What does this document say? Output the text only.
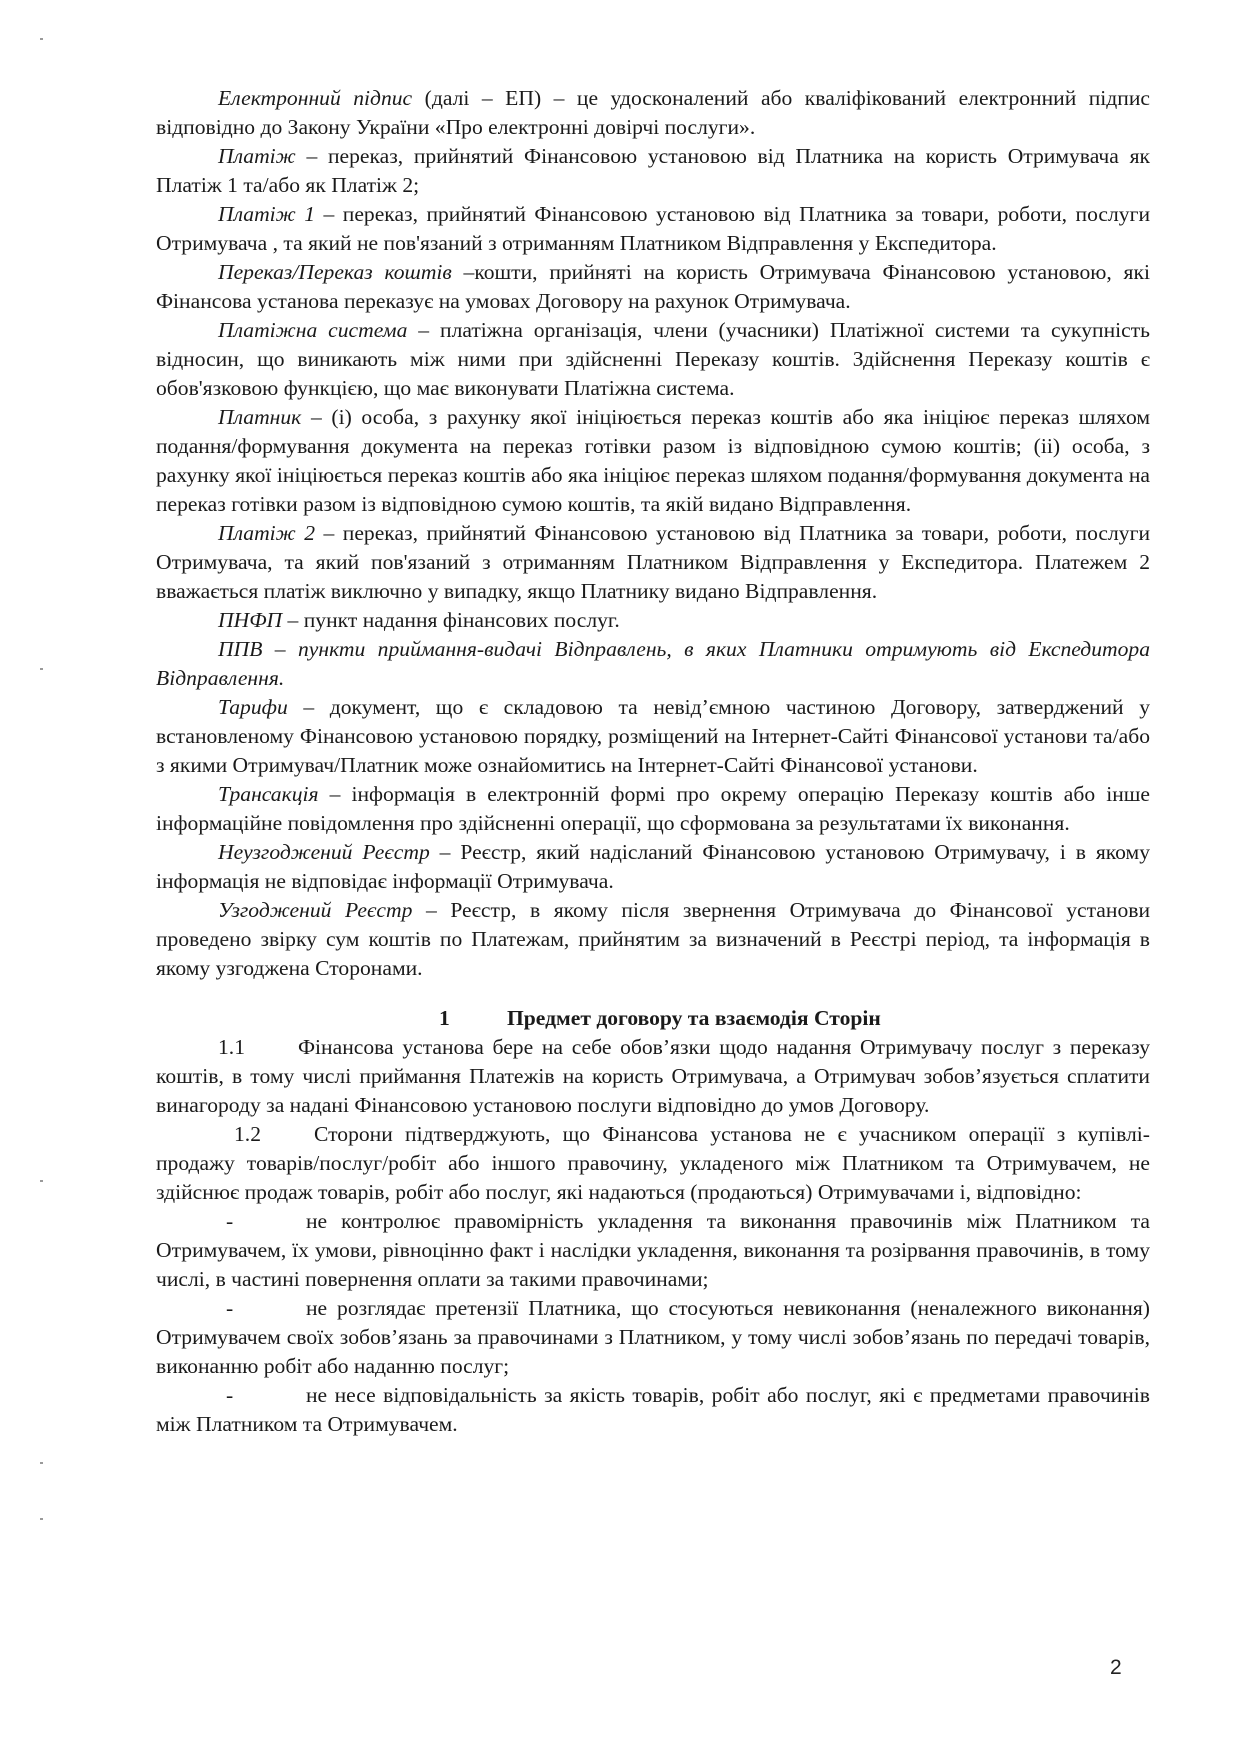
Електронний підпис (далі – ЕП) – це удосконалений або кваліфікований електронний підпис відповідно до Закону України «Про електронні довірчі послуги».

Платіж – переказ, прийнятий Фінансовою установою від Платника на користь Отримувача як Платіж 1 та/або як Платіж 2;

Платіж 1 – переказ, прийнятий Фінансовою установою від Платника за товари, роботи, послуги Отримувача , та який не пов'язаний з отриманням Платником Відправлення у Експедитора.

Переказ/Переказ коштів –кошти, прийняті на користь Отримувача Фінансовою установою, які Фінансова установа переказує на умовах Договору на рахунок Отримувача.

Платіжна система – платіжна організація, члени (учасники) Платіжної системи та сукупність відносин, що виникають між ними при здійсненні Переказу коштів. Здійснення Переказу коштів є обов'язковою функцією, що має виконувати Платіжна система.

Платник – (і) особа, з рахунку якої ініціюється переказ коштів або яка ініціює переказ шляхом подання/формування документа на переказ готівки разом із відповідною сумою коштів; (іі) особа, з рахунку якої ініціюється переказ коштів або яка ініціює переказ шляхом подання/формування документа на переказ готівки разом із відповідною сумою коштів, та якій видано Відправлення.

Платіж 2 – переказ, прийнятий Фінансовою установою від Платника за товари, роботи, послуги Отримувача, та який пов'язаний з отриманням Платником Відправлення у Експедитора. Платежем 2 вважається платіж виключно у випадку, якщо Платнику видано Відправлення.

ПНФП – пункт надання фінансових послуг.

ППВ – пункти приймання-видачі Відправлень, в яких Платники отримують від Експедитора Відправлення.

Тарифи – документ, що є складовою та невід’ємною частиною Договору, затверджений у встановленому Фінансовою установою порядку, розміщений на Інтернет-Сайті Фінансової установи та/або з якими Отримувач/Платник може ознайомитись на Інтернет-Сайті Фінансової установи.

Трансакція – інформація в електронній формі про окрему операцію Переказу коштів або інше інформаційне повідомлення про здійсненні операції, що сформована за результатами їх виконання.

Неузгоджений Реєстр – Реєстр, який надісланий Фінансовою установою Отримувачу, і в якому інформація не відповідає інформації Отримувача.

Узгоджений Реєстр – Реєстр, в якому після звернення Отримувача до Фінансової установи проведено звірку сум коштів по Платежам, прийнятим за визначений в Реєстрі період, та інформація в якому узгоджена Сторонами.

1	Предмет договору та взаємодія Сторін

1.1 Фінансова установа бере на себе обов’язки щодо надання Отримувачу послуг з переказу коштів, в тому числі приймання Платежів на користь Отримувача, а Отримувач зобов’язується сплатити винагороду за надані Фінансовою установою послуги відповідно до умов Договору.

1.2 Сторони підтверджують, що Фінансова установа не є учасником операції з купівлі-продажу товарів/послуг/робіт або іншого правочину, укладеного між Платником та Отримувачем, не здійснює продаж товарів, робіт або послуг, які надаються (продаються) Отримувачами і, відповідно:

-	не контролює правомірність укладення та виконання правочинів між Платником та Отримувачем, їх умови, рівноцінно факт і наслідки укладення, виконання та розірвання правочинів, в тому числі, в частині повернення оплати за такими правочинами;

-	не розглядає претензії Платника, що стосуються невиконання (неналежного виконання) Отримувачем своїх зобов’язань за правочинами з Платником, у тому числі зобов’язань по передачі товарів, виконанню робіт або наданню послуг;

-	не несе відповідальність за якість товарів, робіт або послуг, які є предметами правочинів між Платником та Отримувачем.

2
